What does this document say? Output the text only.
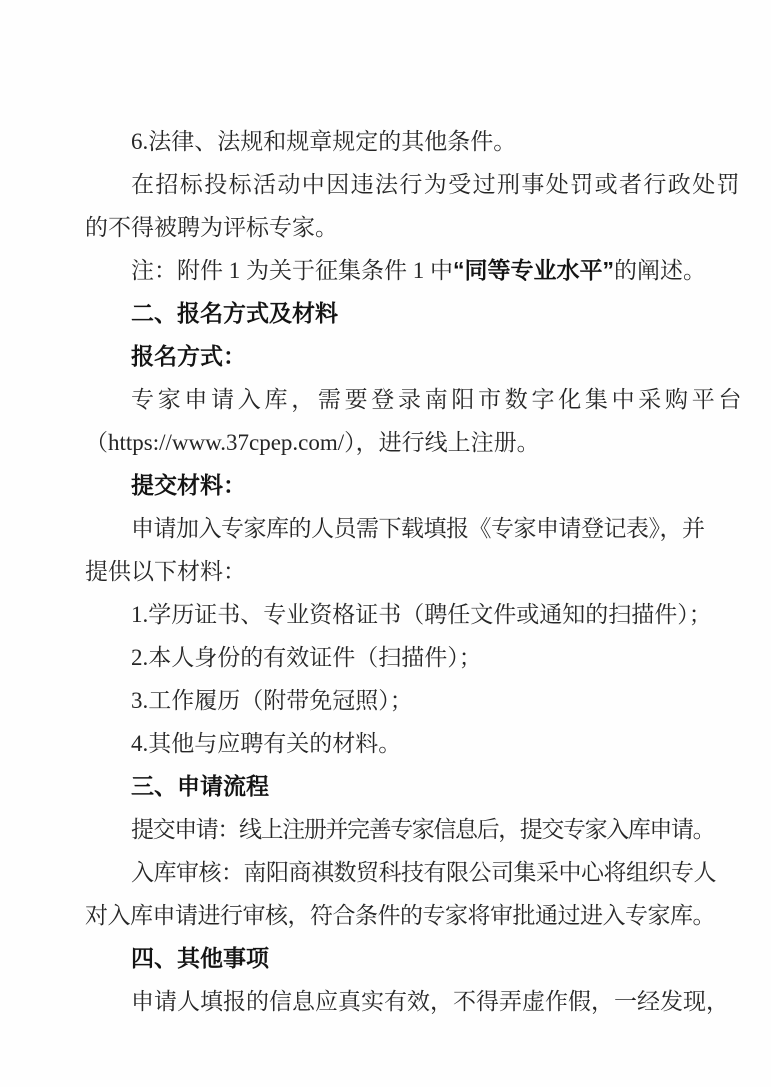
6.法律、法规和规章规定的其他条件。
在招标投标活动中因违法行为受过刑事处罚或者行政处罚
的不得被聘为评标专家。
注：附件 1 为关于征集条件 1 中“同等专业水平”的阐述。
二、报名方式及材料
报名方式：
专家申请入库，需要登录南阳市数字化集中采购平台
（https://www.37cpep.com/），进行线上注册。
提交材料：
申请加入专家库的人员需下载填报《专家申请登记表》，并
提供以下材料：
1.学历证书、专业资格证书（聘任文件或通知的扫描件）；
2.本人身份的有效证件（扫描件）；
3.工作履历（附带免冠照）；
4.其他与应聘有关的材料。
三、申请流程
提交申请：线上注册并完善专家信息后，提交专家入库申请。
入库审核：南阳商祺数贸科技有限公司集采中心将组织专人
对入库申请进行审核，符合条件的专家将审批通过进入专家库。
四、其他事项
申请人填报的信息应真实有效，不得弄虚作假，一经发现，
